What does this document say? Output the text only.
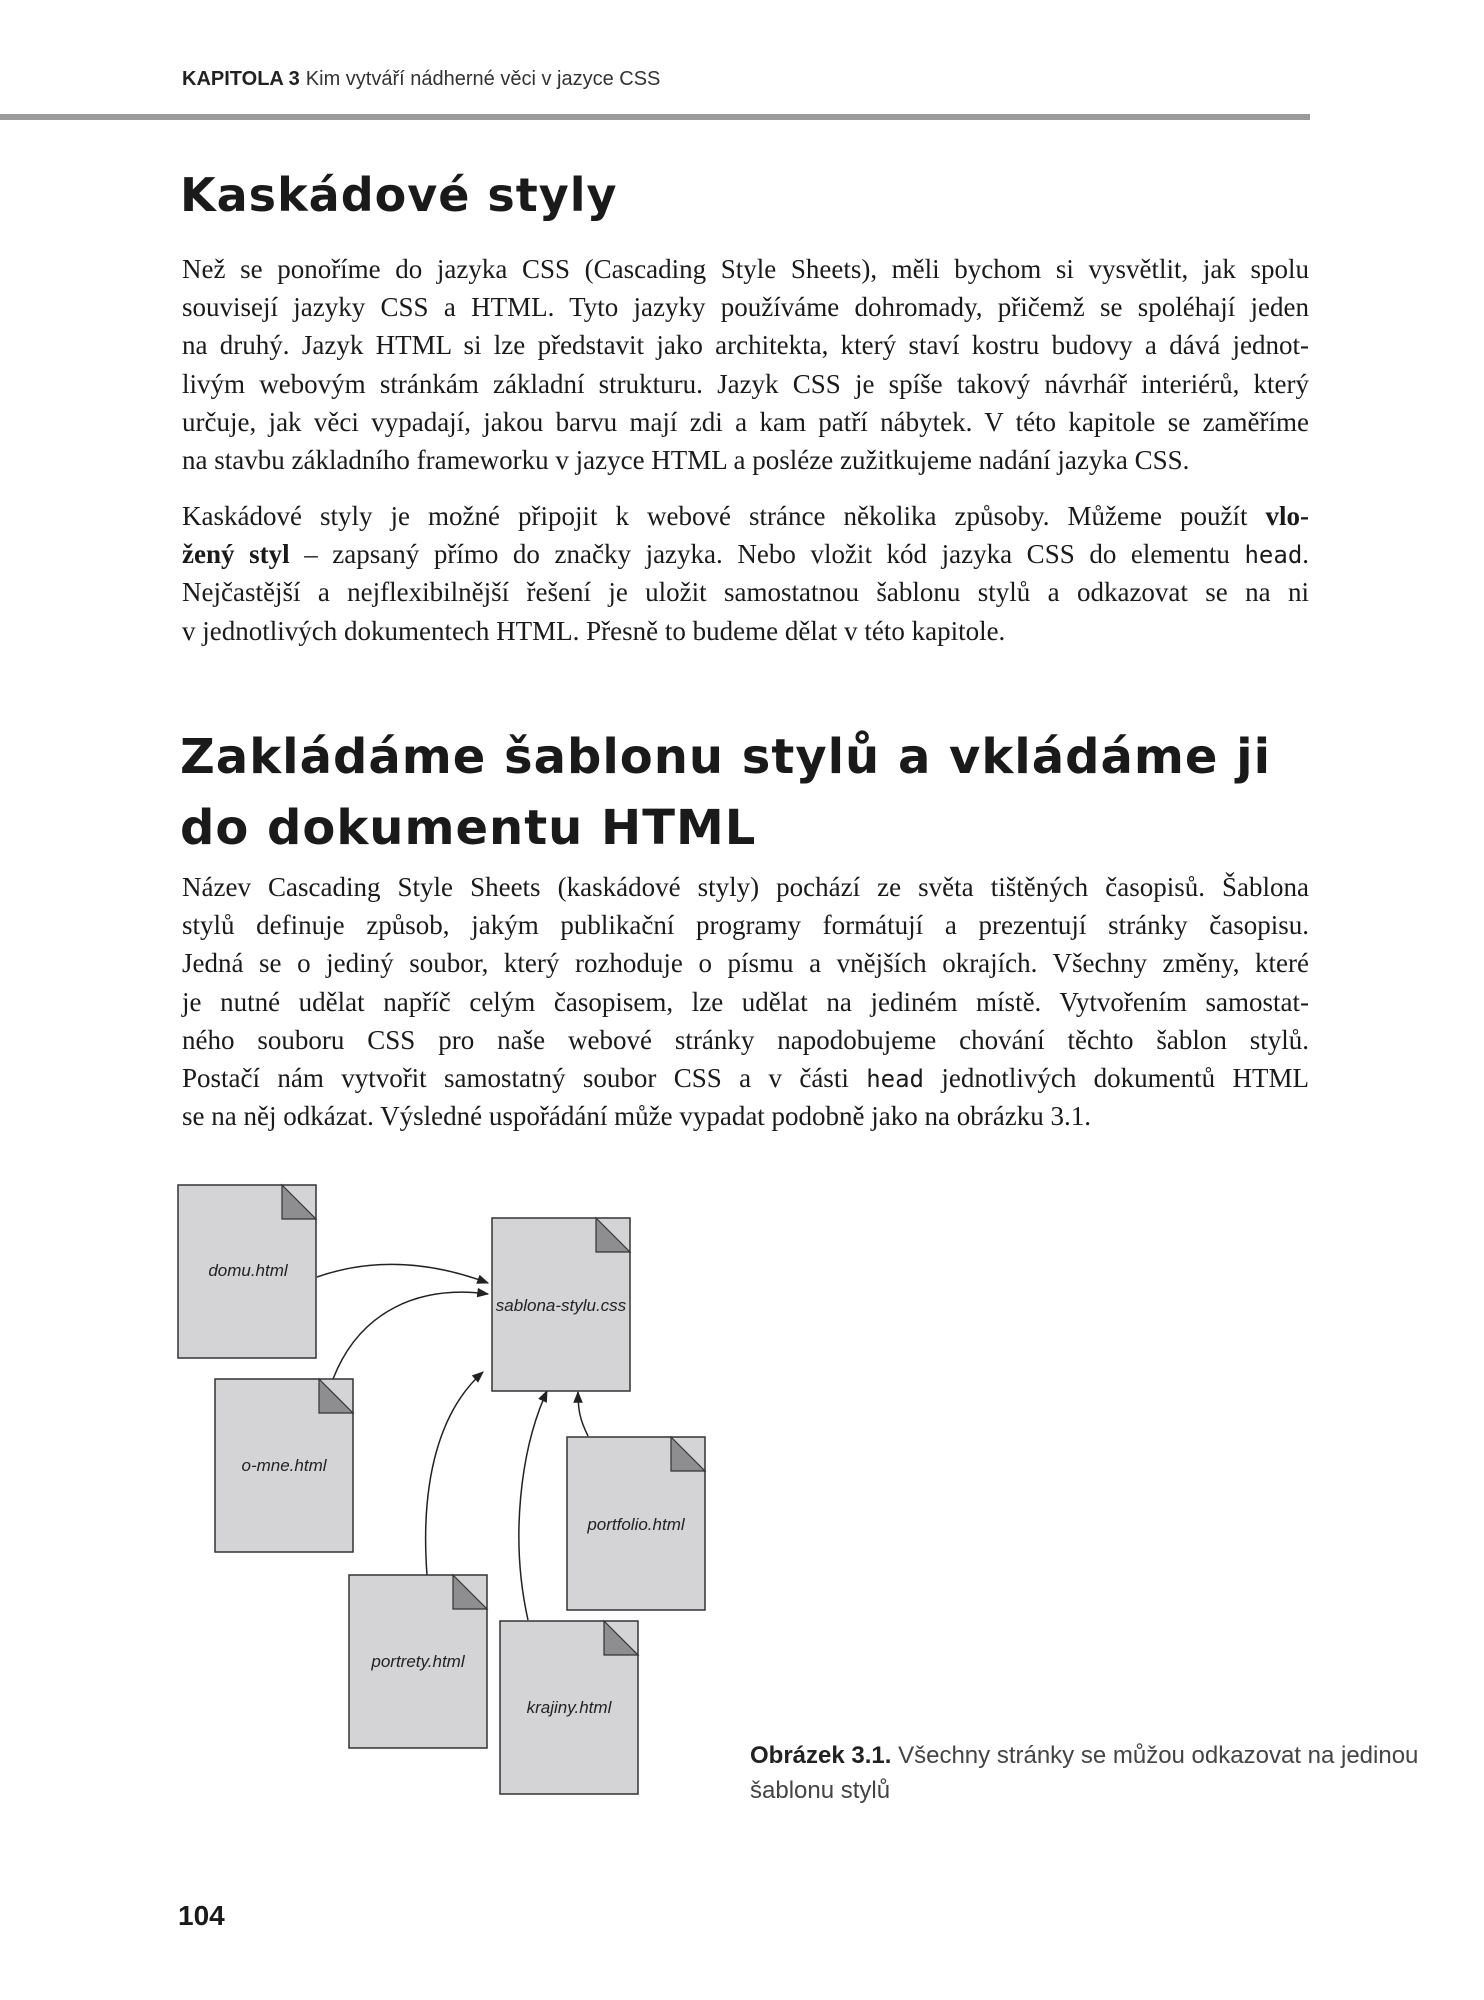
KAPITOLA 3 Kim vytváří nádherné věci v jazyce CSS
Kaskádové styly
Než se ponoříme do jazyka CSS (Cascading Style Sheets), měli bychom si vysvětlit, jak spolu
souvisejí jazyky CSS a HTML. Tyto jazyky používáme dohromady, přičemž se spoléhají jeden
na druhý. Jazyk HTML si lze představit jako architekta, který staví kostru budovy a dává jednot-
livým webovým stránkám základní strukturu. Jazyk CSS je spíše takový návrhář interiérů, který
určuje, jak věci vypadají, jakou barvu mají zdi a kam patří nábytek. V této kapitole se zaměříme
na stavbu základního frameworku v jazyce HTML a posléze zužitkujeme nadání jazyka CSS.
Kaskádové styly je možné připojit k webové stránce několika způsoby. Můžeme použít vlo-
žený styl – zapsaný přímo do značky jazyka. Nebo vložit kód jazyka CSS do elementu head.
Nejčastější a nejflexibilnější řešení je uložit samostatnou šablonu stylů a odkazovat se na ni
v jednotlivých dokumentech HTML. Přesně to budeme dělat v této kapitole.
Zakládáme šablonu stylů a vkládáme ji do dokumentu HTML
Název Cascading Style Sheets (kaskádové styly) pochází ze světa tištěných časopisů. Šablona
stylů definuje způsob, jakým publikační programy formátují a prezentují stránky časopisu.
Jedná se o jediný soubor, který rozhoduje o písmu a vnějších okrajích. Všechny změny, které
je nutné udělat napříč celým časopisem, lze udělat na jediném místě. Vytvořením samostat-
ného souboru CSS pro naše webové stránky napodobujeme chování těchto šablon stylů.
Postačí nám vytvořit samostatný soubor CSS a v části head jednotlivých dokumentů HTML
se na něj odkázat. Výsledné uspořádání může vypadat podobně jako na obrázku 3.1.
domu.html
sablona-stylu.css
o-mne.html
portfolio.html
portrety.html
krajiny.html
Obrázek 3.1. Všechny stránky se můžou odkazovat na jedinou šablonu stylů
104
